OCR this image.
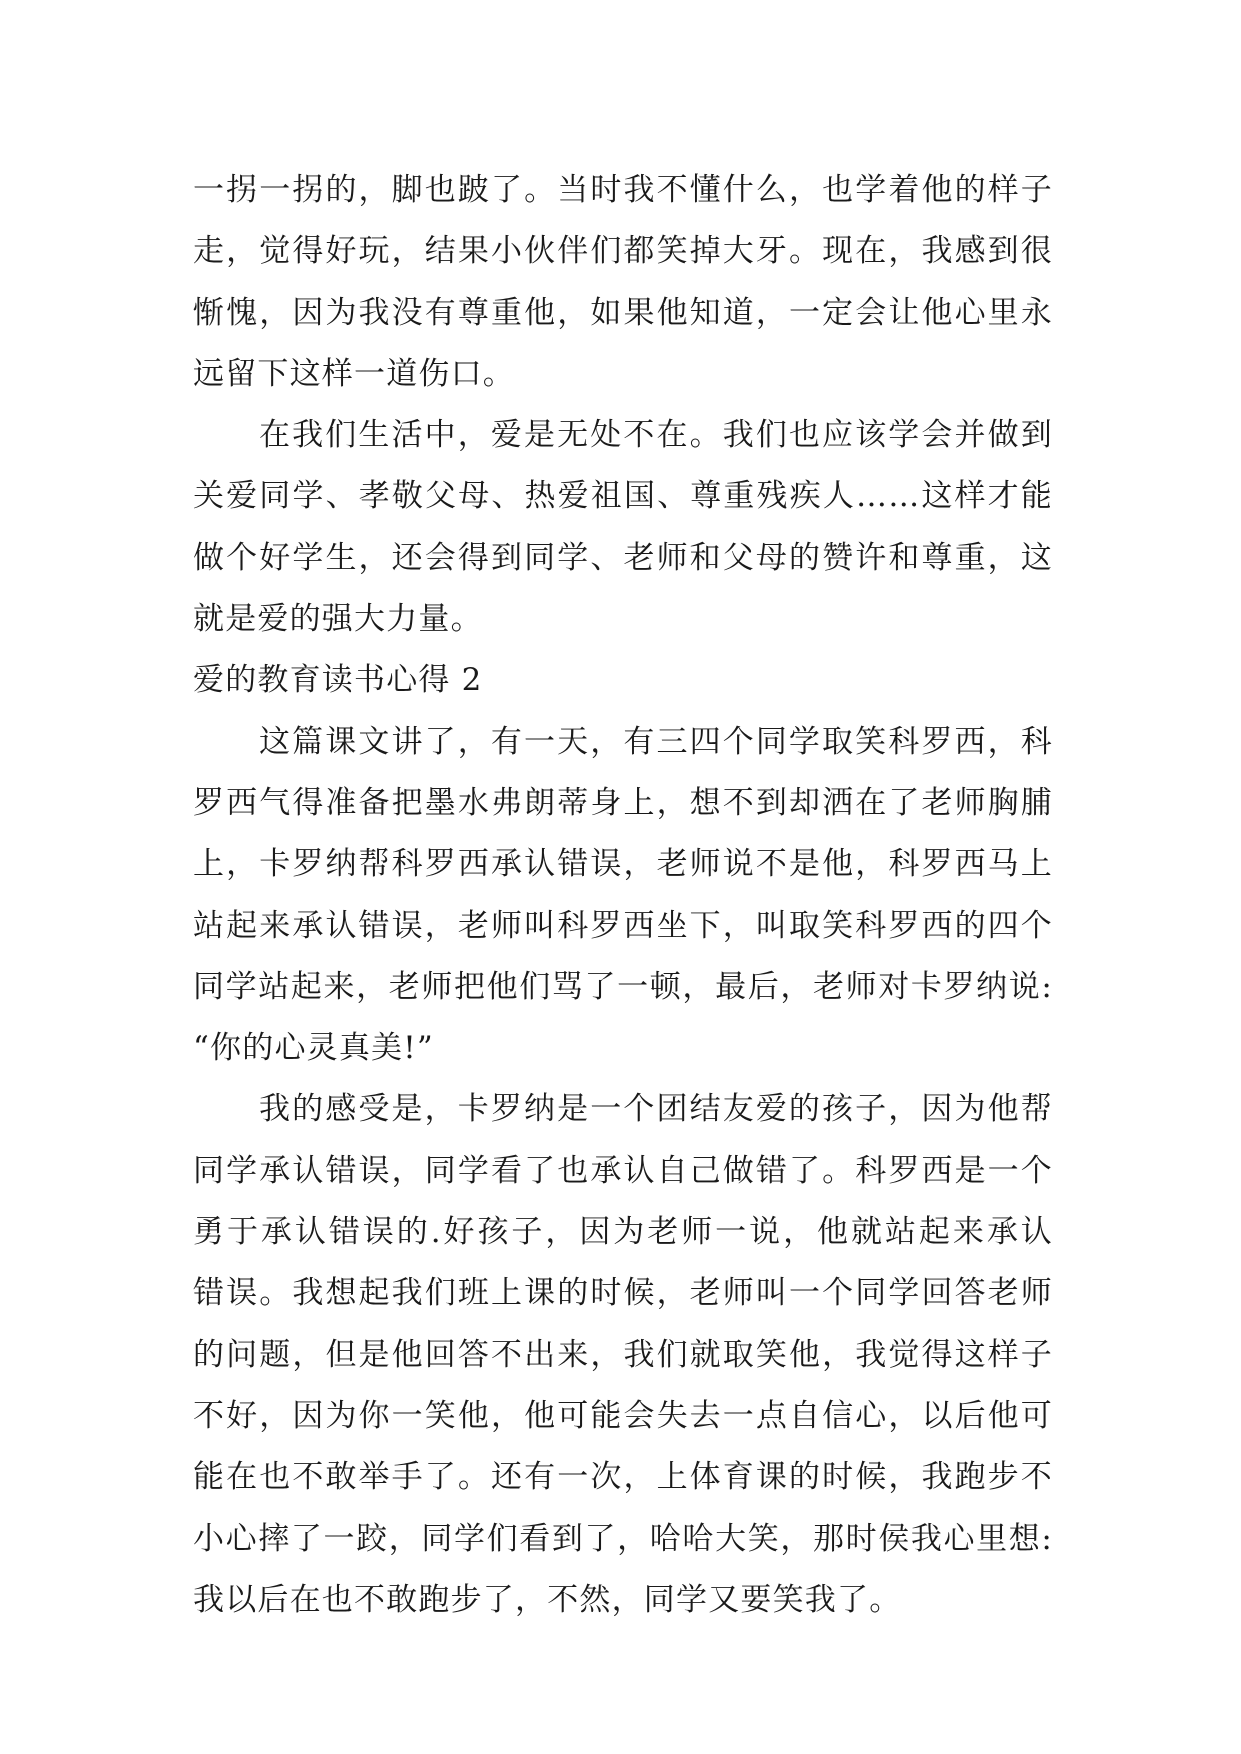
一拐一拐的，脚也跛了。当时我不懂什么，也学着他的样子
走，觉得好玩，结果小伙伴们都笑掉大牙。现在，我感到很
惭愧，因为我没有尊重他，如果他知道，一定会让他心里永
远留下这样一道伤口。
在我们生活中，爱是无处不在。我们也应该学会并做到
关爱同学、孝敬父母、热爱祖国、尊重残疾人……这样才能
做个好学生，还会得到同学、老师和父母的赞许和尊重，这
就是爱的强大力量。
爱的教育读书心得 2
这篇课文讲了，有一天，有三四个同学取笑科罗西，科
罗西气得准备把墨水弗朗蒂身上，想不到却洒在了老师胸脯
上，卡罗纳帮科罗西承认错误，老师说不是他，科罗西马上
站起来承认错误，老师叫科罗西坐下，叫取笑科罗西的四个
同学站起来，老师把他们骂了一顿，最后，老师对卡罗纳说:
“你的心灵真美!”
我的感受是，卡罗纳是一个团结友爱的孩子，因为他帮
同学承认错误，同学看了也承认自己做错了。科罗西是一个
勇于承认错误的.好孩子，因为老师一说，他就站起来承认
错误。我想起我们班上课的时候，老师叫一个同学回答老师
的问题，但是他回答不出来，我们就取笑他，我觉得这样子
不好，因为你一笑他，他可能会失去一点自信心，以后他可
能在也不敢举手了。还有一次，上体育课的时候，我跑步不
小心摔了一跤，同学们看到了，哈哈大笑，那时侯我心里想:
我以后在也不敢跑步了，不然，同学又要笑我了。
